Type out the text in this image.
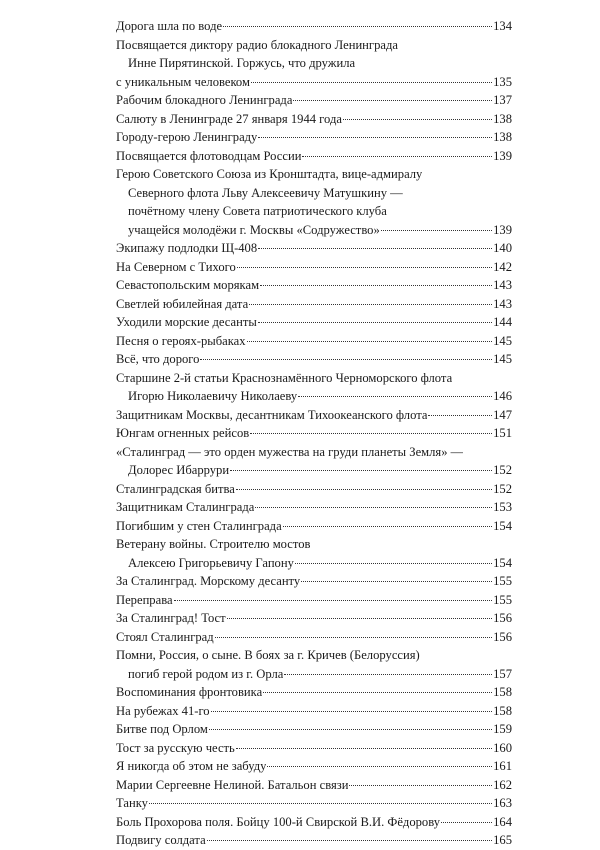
Дорога шла по воде	134
Посвящается диктору радио блокадного Ленинграда
Инне Пирятинской. Горжусь, что дружила
с уникальным человеком	135
Рабочим блокадного Ленинграда	137
Салюту в Ленинграде 27 января 1944 года	138
Городу-герою Ленинграду	138
Посвящается флотоводцам России	139
Герою Советского Союза из Кронштадта, вице-адмиралу
Северного флота Льву Алексеевичу Матушкину —
почётному члену Совета патриотического клуба
учащейся молодёжи г. Москвы «Содружество»	139
Экипажу подлодки Щ-408	140
На Северном с Тихого	142
Севастопольским морякам	143
Светлей юбилейная дата	143
Уходили морские десанты	144
Песня о героях-рыбаках	145
Всё, что дорого	145
Старшине 2-й статьи Краснознамённого Черноморского флота
Игорю Николаевичу Николаеву	146
Защитникам Москвы, десантникам Тихоокеанского флота	147
Юнгам огненных рейсов	151
«Сталинград — это орден мужества на груди планеты Земля» —
Долорес Ибаррури	152
Сталинградская битва	152
Защитникам Сталинграда	153
Погибшим у стен Сталинграда	154
Ветерану войны. Строителю мостов
Алексею Григорьевичу Гапону	154
За Сталинград. Морскому десанту	155
Переправа	155
За Сталинград! Тост	156
Стоял Сталинград	156
Помни, Россия, о сыне. В боях за г. Кричев (Белоруссия)
погиб герой родом из г. Орла	157
Воспоминания фронтовика	158
На рубежах 41-го	158
Битве под Орлом	159
Тост за русскую честь	160
Я никогда об этом не забуду	161
Марии Сергеевне Нелиной. Батальон связи	162
Танку	163
Боль Прохорова поля. Бойцу 100-й Свирской В.И. Фёдорову	164
Подвигу солдата	165
